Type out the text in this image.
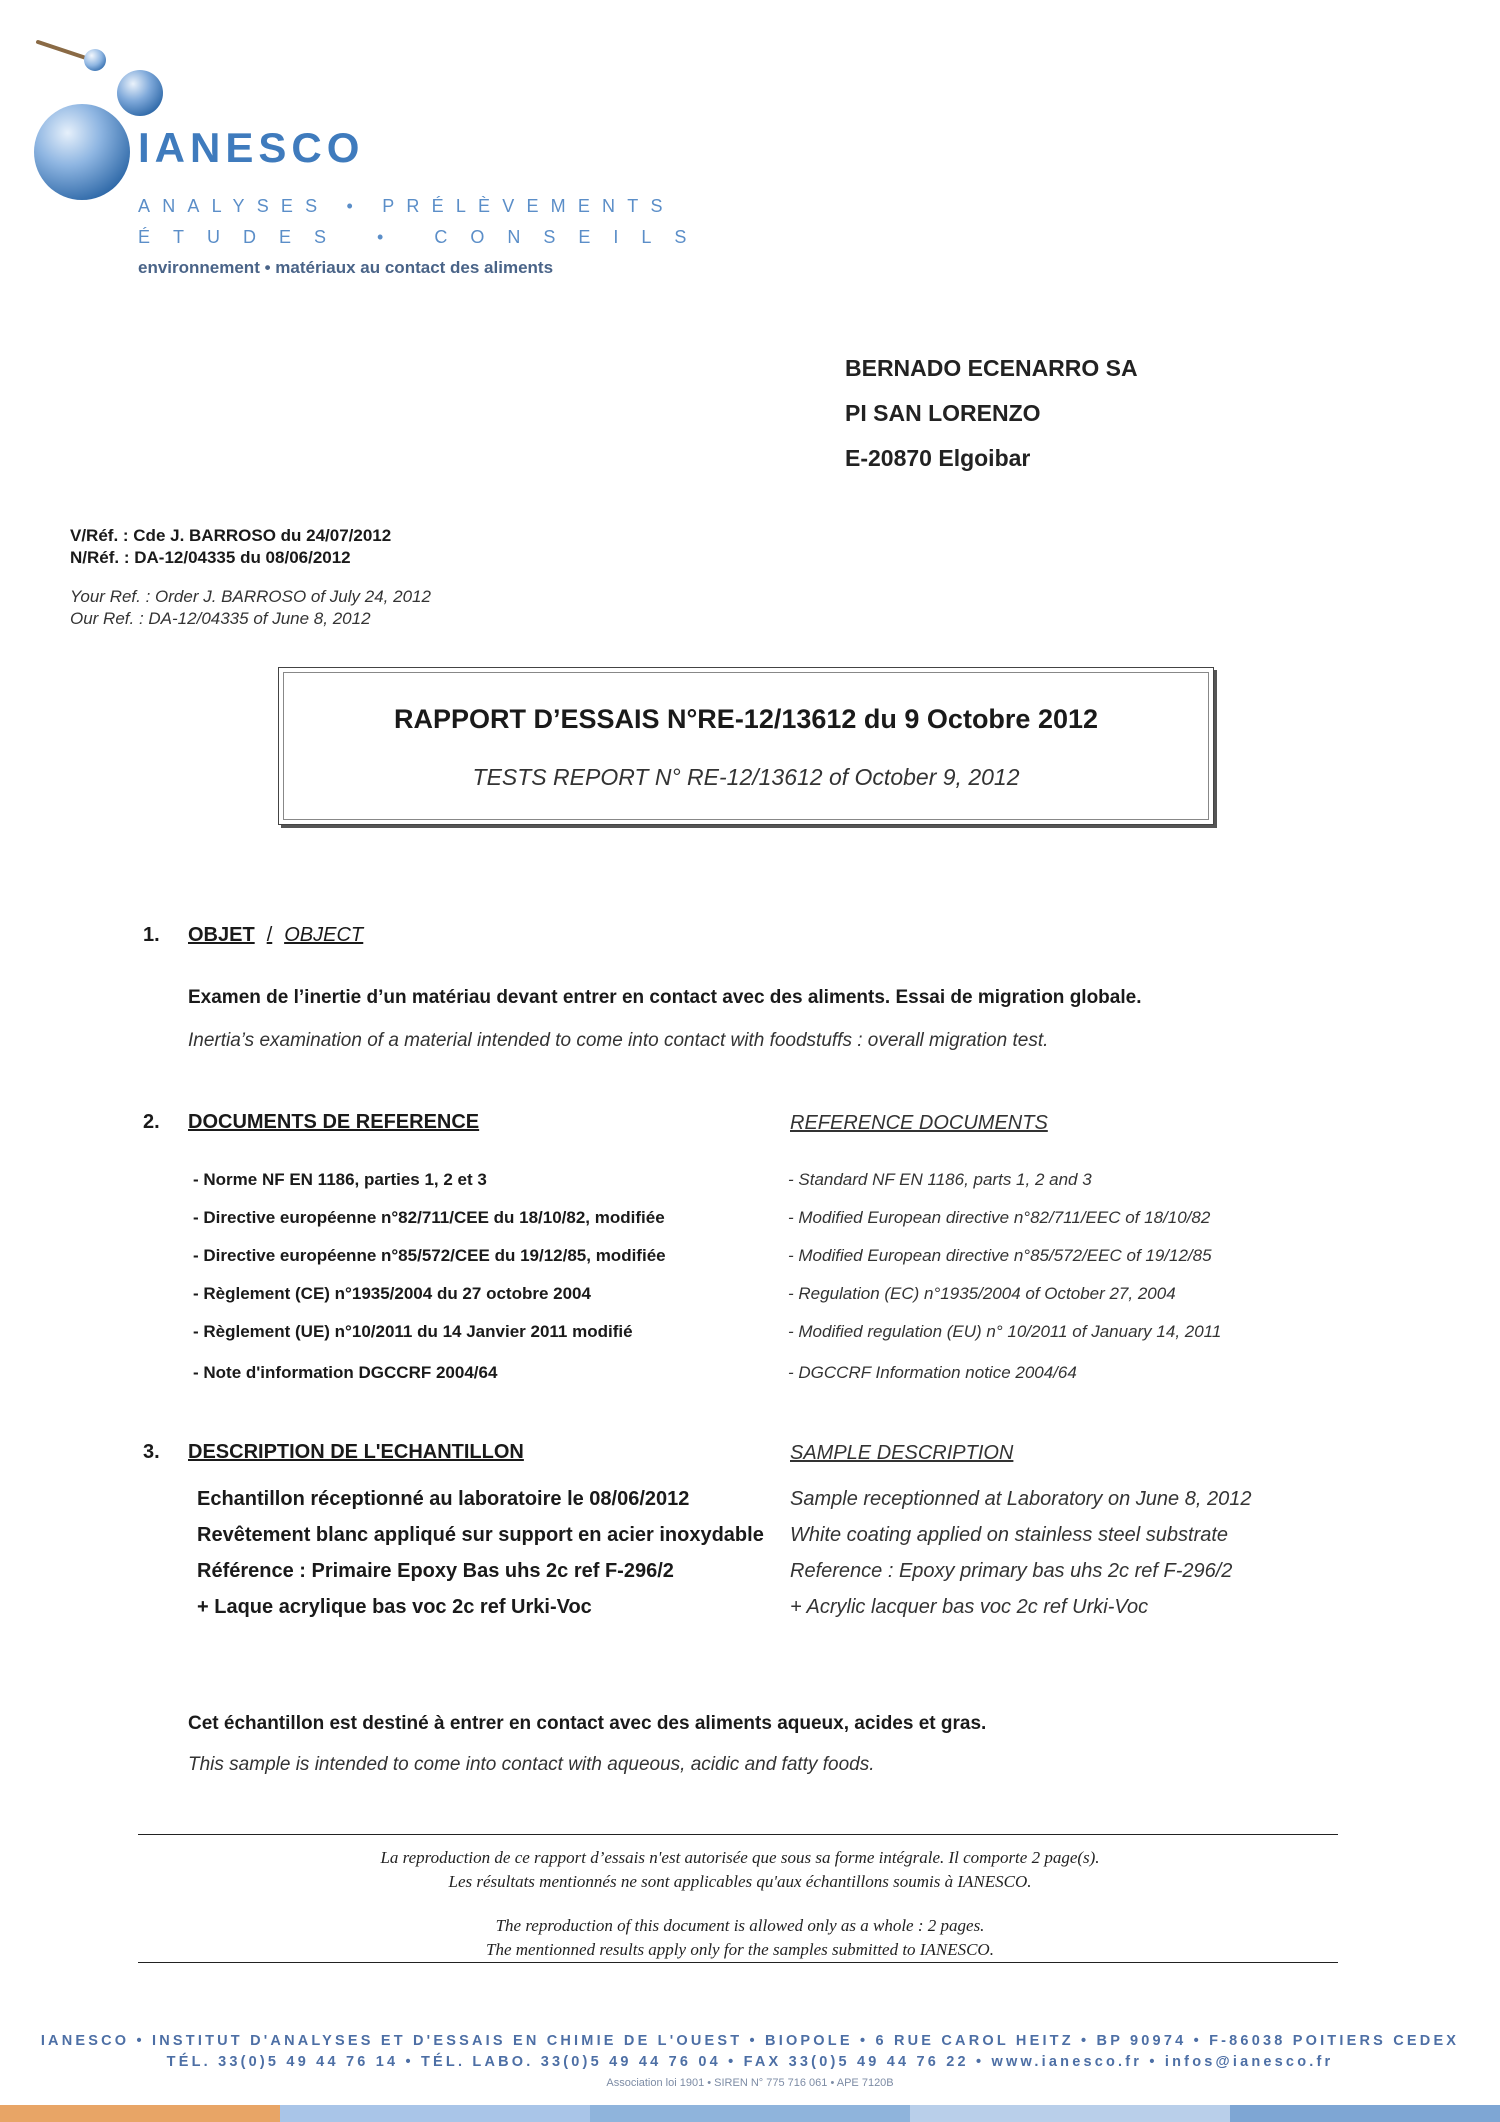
IANESCO
ANALYSES • PRÉLÈVEMENTS
ÉTUDES • CONSEILS
environnement • matériaux au contact des aliments
BERNADO ECENARRO SA
PI SAN LORENZO
E-20870 Elgoibar
V/Réf. : Cde J. BARROSO du 24/07/2012
N/Réf. : DA-12/04335 du 08/06/2012
Your Ref. : Order J. BARROSO of July 24, 2012
Our Ref. : DA-12/04335 of June 8, 2012
RAPPORT D’ESSAIS N°RE-12/13612 du 9 Octobre 2012
TESTS REPORT N° RE-12/13612 of October 9, 2012
1. OBJET / OBJECT
Examen de l’inertie d’un matériau devant entrer en contact avec des aliments. Essai de migration globale.
Inertia’s examination of a material intended to come into contact with foodstuffs : overall migration test.
2. DOCUMENTS DE REFERENCE	REFERENCE DOCUMENTS
- Norme NF EN 1186, parties 1, 2 et 3
- Directive européenne n°82/711/CEE du 18/10/82, modifiée
- Directive européenne n°85/572/CEE du 19/12/85, modifiée
- Règlement (CE) n°1935/2004 du 27 octobre 2004
- Règlement (UE) n°10/2011 du 14 Janvier 2011 modifié
- Note d'information DGCCRF 2004/64
- Standard NF EN 1186, parts 1, 2 and 3
- Modified European directive n°82/711/EEC of 18/10/82
- Modified European directive n°85/572/EEC of 19/12/85
- Regulation (EC) n°1935/2004 of October 27, 2004
- Modified regulation (EU) n° 10/2011 of January 14, 2011
- DGCCRF Information notice 2004/64
3. DESCRIPTION DE L'ECHANTILLON	SAMPLE DESCRIPTION
Echantillon réceptionné au laboratoire le 08/06/2012
Revêtement blanc appliqué sur support en acier inoxydable
Référence : Primaire Epoxy Bas uhs 2c ref F-296/2
+ Laque acrylique bas voc 2c ref Urki-Voc
Sample receptionned at Laboratory on June 8, 2012
White coating applied on stainless steel substrate
Reference : Epoxy primary bas uhs 2c ref F-296/2
+ Acrylic lacquer bas voc 2c ref Urki-Voc
Cet échantillon est destiné à entrer en contact avec des aliments aqueux, acides et gras.
This sample is intended to come into contact with aqueous, acidic and fatty foods.
La reproduction de ce rapport d’essais n'est autorisée que sous sa forme intégrale. Il comporte 2 page(s).
Les résultats mentionnés ne sont applicables qu'aux échantillons soumis à IANESCO.
The reproduction of this document is allowed only as a whole : 2 pages.
The mentionned results apply only for the samples submitted to IANESCO.
IANESCO • INSTITUT D'ANALYSES ET D'ESSAIS EN CHIMIE DE L'OUEST • BIOPOLE • 6 RUE CAROL HEITZ • BP 90974 • F-86038 POITIERS CEDEX
TÉL. 33(0)5 49 44 76 14 • TÉL. LABO. 33(0)5 49 44 76 04 • FAX 33(0)5 49 44 76 22 • www.ianesco.fr • infos@ianesco.fr
Association loi 1901 • SIREN N° 775 716 061 • APE 7120B
